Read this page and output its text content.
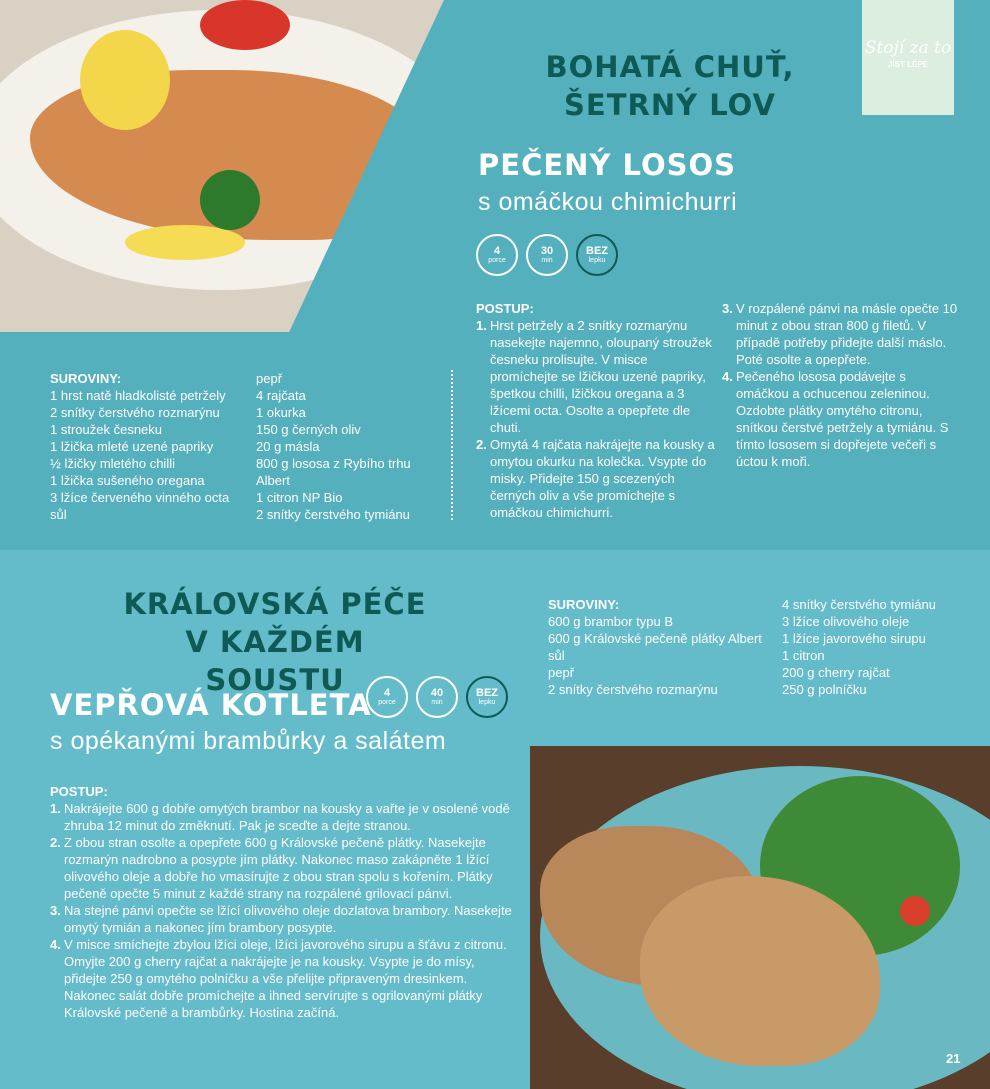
Stojí za to
JÍST LÉPE
BOHATÁ CHUŤ,
ŠETRNÝ LOV
PEČENÝ LOSOS
s omáčkou chimichurri
4
porce
30
min
BEZ
lepku
SUROVINY:
1 hrst natě hladkolisté petržely
2 snítky čerstvého rozmarýnu
1 stroužek česneku
1 lžička mleté uzené papriky
½ lžičky mletého chilli
1 lžička sušeného oregana
3 lžíce červeného vinného octa
sůl
pepř
4 rajčata
1 okurka
150 g černých oliv
20 g másla
800 g lososa z Rybího trhu Albert
1 citron NP Bio
2 snítky čerstvého tymiánu
POSTUP:
1. Hrst petržely a 2 snítky rozmarýnu nasekejte najemno, oloupaný stroužek česneku prolisujte. V misce promíchejte se lžičkou uzené papriky, špetkou chilli, lžičkou oregana a 3 lžícemi octa. Osolte a opepřete dle chuti.
2. Omytá 4 rajčata nakrájejte na kousky a omytou okurku na kolečka. Vsypte do misky. Přidejte 150 g scezených černých oliv a vše promíchejte s omáčkou chimichurri.
3. V rozpálené pánvi na másle opečte 10 minut z obou stran 800 g filetů. V případě potřeby přidejte další máslo. Poté osolte a opepřete.
4. Pečeného lososa podávejte s omáčkou a ochucenou zeleninou. Ozdobte plátky omytého citronu, snítkou čerstvé petržely a tymiánu. S tímto lososem si dopřejete večeři s úctou k moři.
KRÁLOVSKÁ PÉČE
V KAŽDÉM SOUSTU
VEPŘOVÁ KOTLETA
s opékanými brambůrky a salátem
4
porce
40
min
BEZ
lepku
SUROVINY:
600 g brambor typu B
600 g Královské pečeně plátky Albert
sůl
pepř
2 snítky čerstvého rozmarýnu
4 snítky čerstvého tymiánu
3 lžíce olivového oleje
1 lžíce javorového sirupu
1 citron
200 g cherry rajčat
250 g polníčku
POSTUP:
1. Nakrájejte 600 g dobře omytých brambor na kousky a vařte je v osolené vodě zhruba 12 minut do změknutí. Pak je sceďte a dejte stranou.
2. Z obou stran osolte a opepřete 600 g Královské pečeně plátky. Nasekejte rozmarýn nadrobno a posypte jím plátky. Nakonec maso zakápněte 1 lžící olivového oleje a dobře ho vmasírujte z obou stran spolu s kořením. Plátky pečeně opečte 5 minut z každé strany na rozpálené grilovací pánvi.
3. Na stejné pánvi opečte se lžící olivového oleje dozlatova brambory. Nasekejte omytý tymián a nakonec jím brambory posypte.
4. V misce smíchejte zbylou lžíci oleje, lžíci javorového sirupu a šťávu z citronu. Omyjte 200 g cherry rajčat a nakrájejte je na kousky. Vsypte je do mísy, přidejte 250 g omytého polníčku a vše přelijte připraveným dresinkem. Nakonec salát dobře promíchejte a ihned servírujte s ogrilovanými plátky Královské pečeně a brambůrky. Hostina začíná.
21
